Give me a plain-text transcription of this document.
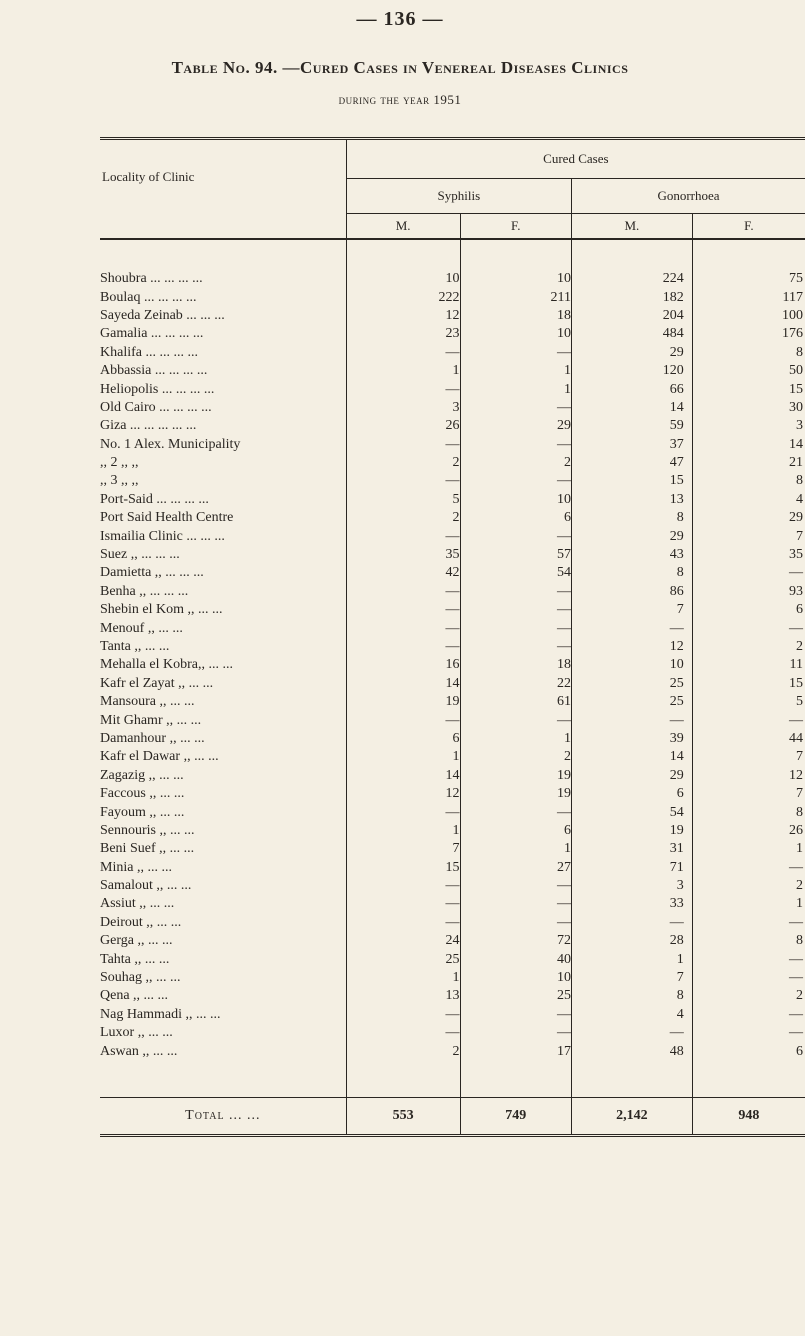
— 136 —
Table No. 94. —Cured Cases in Venereal Diseases Clinics
during the year 1951
Locality of Clinic	Cured Cases			
	Syphilis		Gonorrhoea	
	M.	F.	M.	F.

Shoubra ... ... ... ...	10	10	224	75
Boulaq ... ... ... ...	222	211	182	117
Sayeda Zeinab ... ... ...	12	18	204	100
Gamalia ... ... ... ...	23	10	484	176
Khalifa ... ... ... ...	—	—	29	8
Abbassia ... ... ... ...	1	1	120	50
Heliopolis ... ... ... ...	—	1	66	15
Old Cairo ... ... ... ...	3	—	14	30
Giza ... ... ... ... ...	26	29	59	3
No. 1 Alex. Municipality	—	—	37	14
,, 2 ,, ,,	2	2	47	21
,, 3 ,, ,,	—	—	15	8
Port-Said ... ... ... ...	5	10	13	4
Port Said Health Centre	2	6	8	29
Ismailia Clinic ... ... ...	—	—	29	7
Suez ,, ... ... ...	35	57	43	35
Damietta ,, ... ... ...	42	54	8	—
Benha ,, ... ... ...	—	—	86	93
Shebin el Kom ,, ... ...	—	—	7	6
Menouf ,, ... ...	—	—	—	—
Tanta ,, ... ...	—	—	12	2
Mehalla el Kobra,, ... ...	16	18	10	11
Kafr el Zayat ,, ... ...	14	22	25	15
Mansoura ,, ... ...	19	61	25	5
Mit Ghamr ,, ... ...	—	—	—	—
Damanhour ,, ... ...	6	1	39	44
Kafr el Dawar ,, ... ...	1	2	14	7
Zagazig ,, ... ...	14	19	29	12
Faccous ,, ... ...	12	19	6	7
Fayoum ,, ... ...	—	—	54	8
Sennouris ,, ... ...	1	6	19	26
Beni Suef ,, ... ...	7	1	31	1
Minia ,, ... ...	15	27	71	—
Samalout ,, ... ...	—	—	3	2
Assiut ,, ... ...	—	—	33	1
Deirout ,, ... ...	—	—	—	—
Gerga ,, ... ...	24	72	28	8
Tahta ,, ... ...	25	40	1	—
Souhag ,, ... ...	1	10	7	—
Qena ,, ... ...	13	25	8	2
Nag Hammadi ,, ... ...	—	—	4	—
Luxor ,, ... ...	—	—	—	—
Aswan ,, ... ...	2	17	48	6

Total ... ...	553	749	2,142	948
